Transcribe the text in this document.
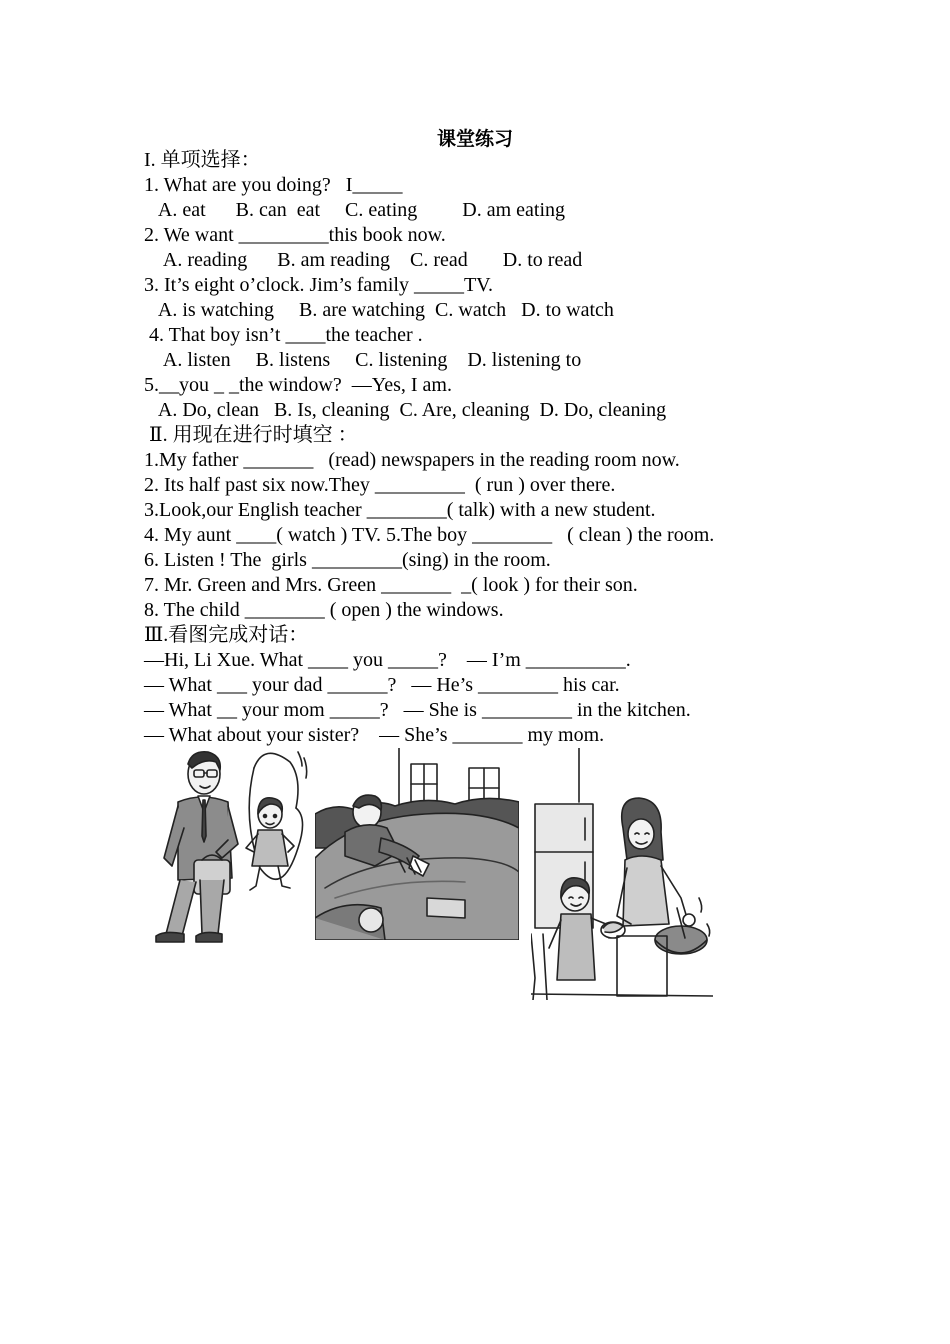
课堂练习
I. 单项选择：
1. What are you doing?   I_____
A. eat      B. can  eat     C. eating         D. am eating
2. We want _________this book now.
A. reading      B. am reading    C. read       D. to read
3. It’s eight o’clock. Jim’s family _____TV.
A. is watching     B. are watching  C. watch   D. to watch
4. That boy isn’t ____the teacher .
A. listen     B. listens     C. listening    D. listening to
5.__you _ _the window?  —Yes, I am.
A. Do, clean   B. Is, cleaning  C. Are, cleaning  D. Do, cleaning
Ⅱ. 用现在进行时填空 ：
1.My father _______   (read) newspapers in the reading room now.
2. Its half past six now.They _________  ( run ) over there.
3.Look,our English teacher ________( talk) with a new student.
4. My aunt ____( watch ) TV. 5.The boy ________   ( clean ) the room.
6. Listen ! The  girls _________(sing) in the room.
7. Mr. Green and Mrs. Green _______  _( look ) for their son.
8. The child ________ ( open ) the windows.
Ⅲ.看图完成对话：
—Hi, Li Xue. What ____ you _____?    — I’m __________.
— What ___ your dad ______?   — He’s ________ his car.
— What __ your mom _____?   — She is _________ in the kitchen.
— What about your sister?    — She’s _______ my mom.
